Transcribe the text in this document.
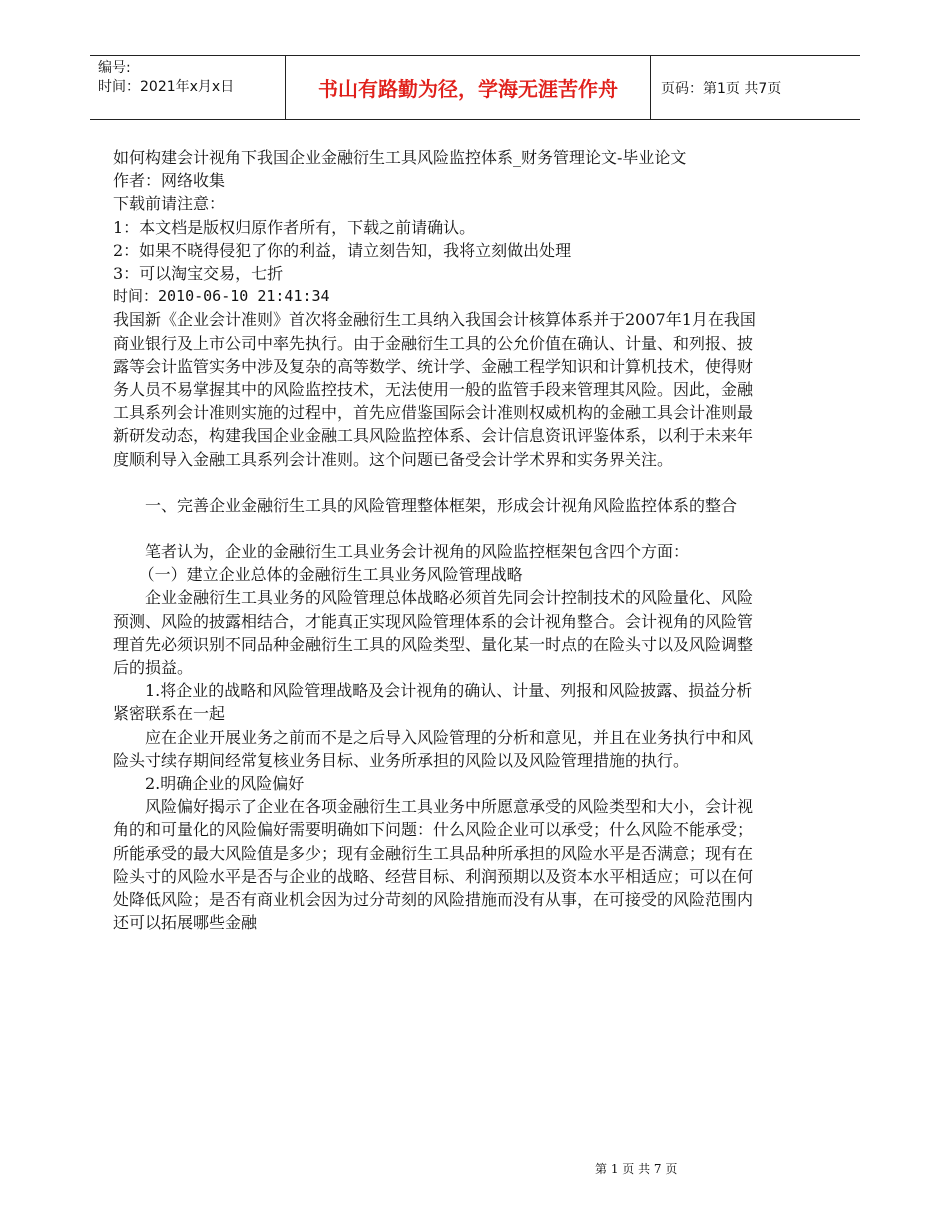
编号:
时间：2021年x月x日	书山有路勤为径，学海无涯苦作舟	页码：第1页 共7页

如何构建会计视角下我国企业金融衍生工具风险监控体系_财务管理论文-毕业论文

作者：网络收集

下载前请注意：

1：本文档是版权归原作者所有，下载之前请确认。

2：如果不晓得侵犯了你的利益，请立刻告知，我将立刻做出处理

3：可以淘宝交易，七折

时间：2010-06-10 21:41:34

我国新《企业会计准则》首次将金融衍生工具纳入我国会计核算体系并于2007年1月在我国商业银行及上市公司中率先执行。由于金融衍生工具的公允价值在确认、计量、和列报、披露等会计监管实务中涉及复杂的高等数学、统计学、金融工程学知识和计算机技术，使得财务人员不易掌握其中的风险监控技术，无法使用一般的监管手段来管理其风险。因此，金融工具系列会计准则实施的过程中，首先应借鉴国际会计准则权威机构的金融工具会计准则最新研发动态，构建我国企业金融工具风险监控体系、会计信息资讯评鉴体系，以利于未来年度顺利导入金融工具系列会计准则。这个问题已备受会计学术界和实务界关注。

一、完善企业金融衍生工具的风险管理整体框架，形成会计视角风险监控体系的整合

笔者认为，企业的金融衍生工具业务会计视角的风险监控框架包含四个方面：

（一）建立企业总体的金融衍生工具业务风险管理战略

企业金融衍生工具业务的风险管理总体战略必须首先同会计控制技术的风险量化、风险预测、风险的披露相结合，才能真正实现风险管理体系的会计视角整合。会计视角的风险管理首先必须识别不同品种金融衍生工具的风险类型、量化某一时点的在险头寸以及风险调整后的损益。

1.将企业的战略和风险管理战略及会计视角的确认、计量、列报和风险披露、损益分析紧密联系在一起

应在企业开展业务之前而不是之后导入风险管理的分析和意见，并且在业务执行中和风险头寸续存期间经常复核业务目标、业务所承担的风险以及风险管理措施的执行。

2.明确企业的风险偏好

风险偏好揭示了企业在各项金融衍生工具业务中所愿意承受的风险类型和大小，会计视角的和可量化的风险偏好需要明确如下问题：什么风险企业可以承受；什么风险不能承受；所能承受的最大风险值是多少；现有金融衍生工具品种所承担的风险水平是否满意；现有在险头寸的风险水平是否与企业的战略、经营目标、利润预期以及资本水平相适应；可以在何处降低风险；是否有商业机会因为过分苛刻的风险措施而没有从事，在可接受的风险范围内还可以拓展哪些金融

第 1 页 共 7 页
